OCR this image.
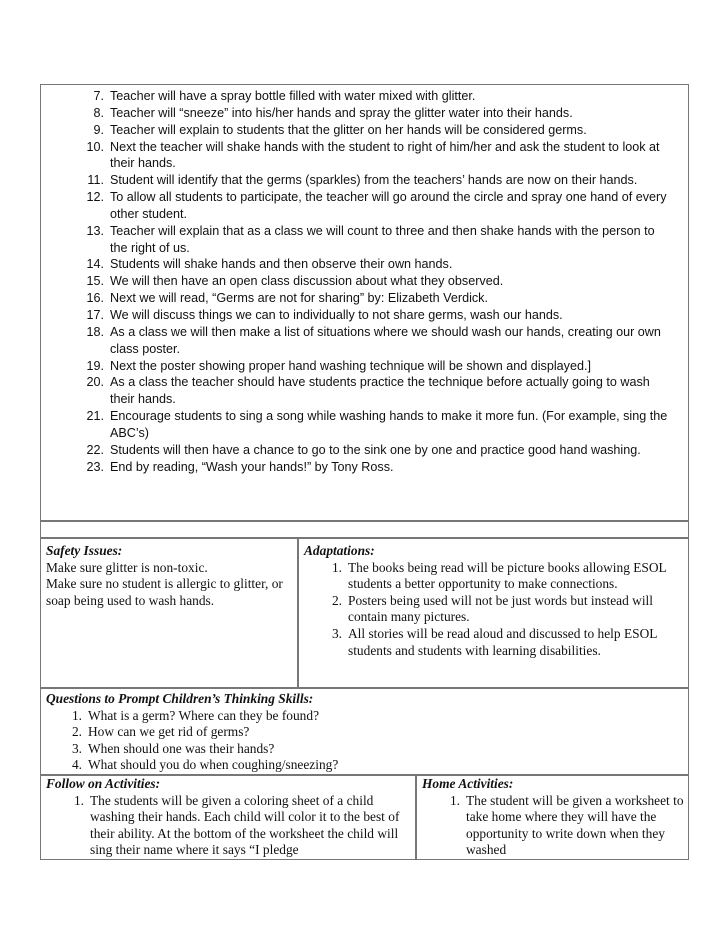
7. Teacher will have a spray bottle filled with water mixed with glitter.
8. Teacher will “sneeze” into his/her hands and spray the glitter water into their hands.
9. Teacher will explain to students that the glitter on her hands will be considered germs.
10. Next the teacher will shake hands with the student to right of him/her and ask the student to look at their hands.
11. Student will identify that the germs (sparkles) from the teachers’ hands are now on their hands.
12. To allow all students to participate, the teacher will go around the circle and spray one hand of every other student.
13. Teacher will explain that as a class we will count to three and then shake hands with the person to the right of us.
14. Students will shake hands and then observe their own hands.
15. We will then have an open class discussion about what they observed.
16. Next we will read, “Germs are not for sharing” by: Elizabeth Verdick.
17. We will discuss things we can to individually to not share germs, wash our hands.
18. As a class we will then make a list of situations where we should wash our hands, creating our own class poster.
19. Next the poster showing proper hand washing technique will be shown and displayed.]
20. As a class the teacher should have students practice the technique before actually going to wash their hands.
21. Encourage students to sing a song while washing hands to make it more fun. (For example, sing the ABC’s)
22. Students will then have a chance to go to the sink one by one and practice good hand washing.
23. End by reading, “Wash your hands!” by Tony Ross.
Safety Issues:
Make sure glitter is non-toxic.
Make sure no student is allergic to glitter, or soap being used to wash hands.
Adaptations:
1. The books being read will be picture books allowing ESOL students a better opportunity to make connections.
2. Posters being used will not be just words but instead will contain many pictures.
3. All stories will be read aloud and discussed to help ESOL students and students with learning disabilities.
Questions to Prompt Children’s Thinking Skills:
1. What is a germ? Where can they be found?
2. How can we get rid of germs?
3. When should one was their hands?
4. What should you do when coughing/sneezing?
Follow on Activities:
1. The students will be given a coloring sheet of a child washing their hands. Each child will color it to the best of their ability. At the bottom of the worksheet the child will sing their name where it says “I pledge
Home Activities:
1. The student will be given a worksheet to take home where they will have the opportunity to write down when they washed
